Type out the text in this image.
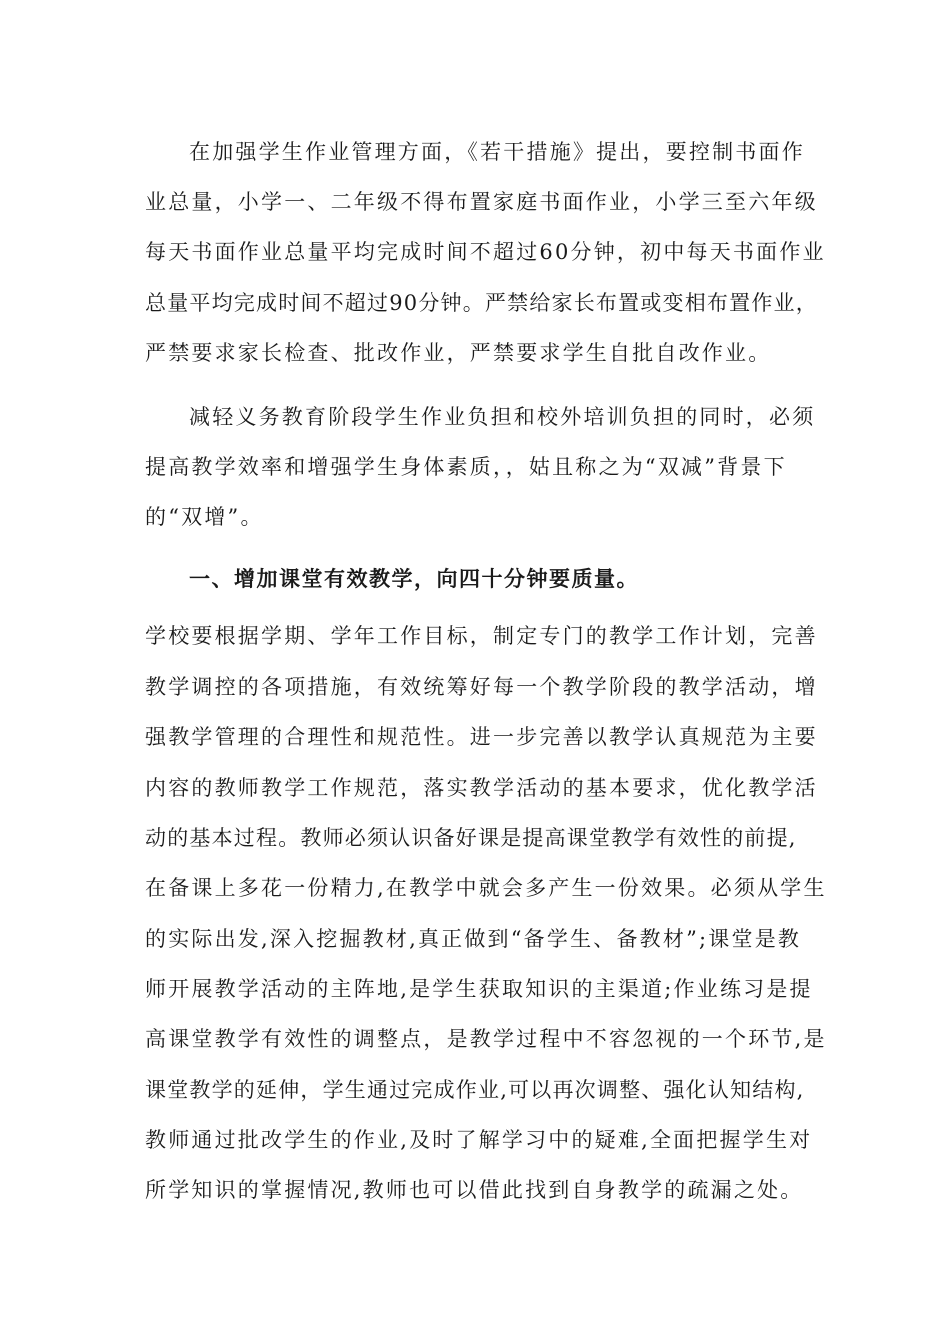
在加强学生作业管理方面，《若干措施》提出，要控制书面作
业总量，小学一、二年级不得布置家庭书面作业，小学三至六年级
每天书面作业总量平均完成时间不超过60分钟，初中每天书面作业
总量平均完成时间不超过90分钟。严禁给家长布置或变相布置作业，
严禁要求家长检查、批改作业，严禁要求学生自批自改作业。
减轻义务教育阶段学生作业负担和校外培训负担的同时，必须
提高教学效率和增强学生身体素质，，姑且称之为“双减”背景下
的“双增”。
一、增加课堂有效教学，向四十分钟要质量。
学校要根据学期、学年工作目标，制定专门的教学工作计划，完善
教学调控的各项措施，有效统筹好每一个教学阶段的教学活动，增
强教学管理的合理性和规范性。进一步完善以教学认真规范为主要
内容的教师教学工作规范，落实教学活动的基本要求，优化教学活
动的基本过程。教师必须认识备好课是提高课堂教学有效性的前提,
在备课上多花一份精力,在教学中就会多产生一份效果。必须从学生
的实际出发,深入挖掘教材,真正做到“备学生、备教材”;课堂是教
师开展教学活动的主阵地,是学生获取知识的主渠道;作业练习是提
高课堂教学有效性的调整点，是教学过程中不容忽视的一个环节,是
课堂教学的延伸，学生通过完成作业,可以再次调整、强化认知结构,
教师通过批改学生的作业,及时了解学习中的疑难,全面把握学生对
所学知识的掌握情况,教师也可以借此找到自身教学的疏漏之处。
